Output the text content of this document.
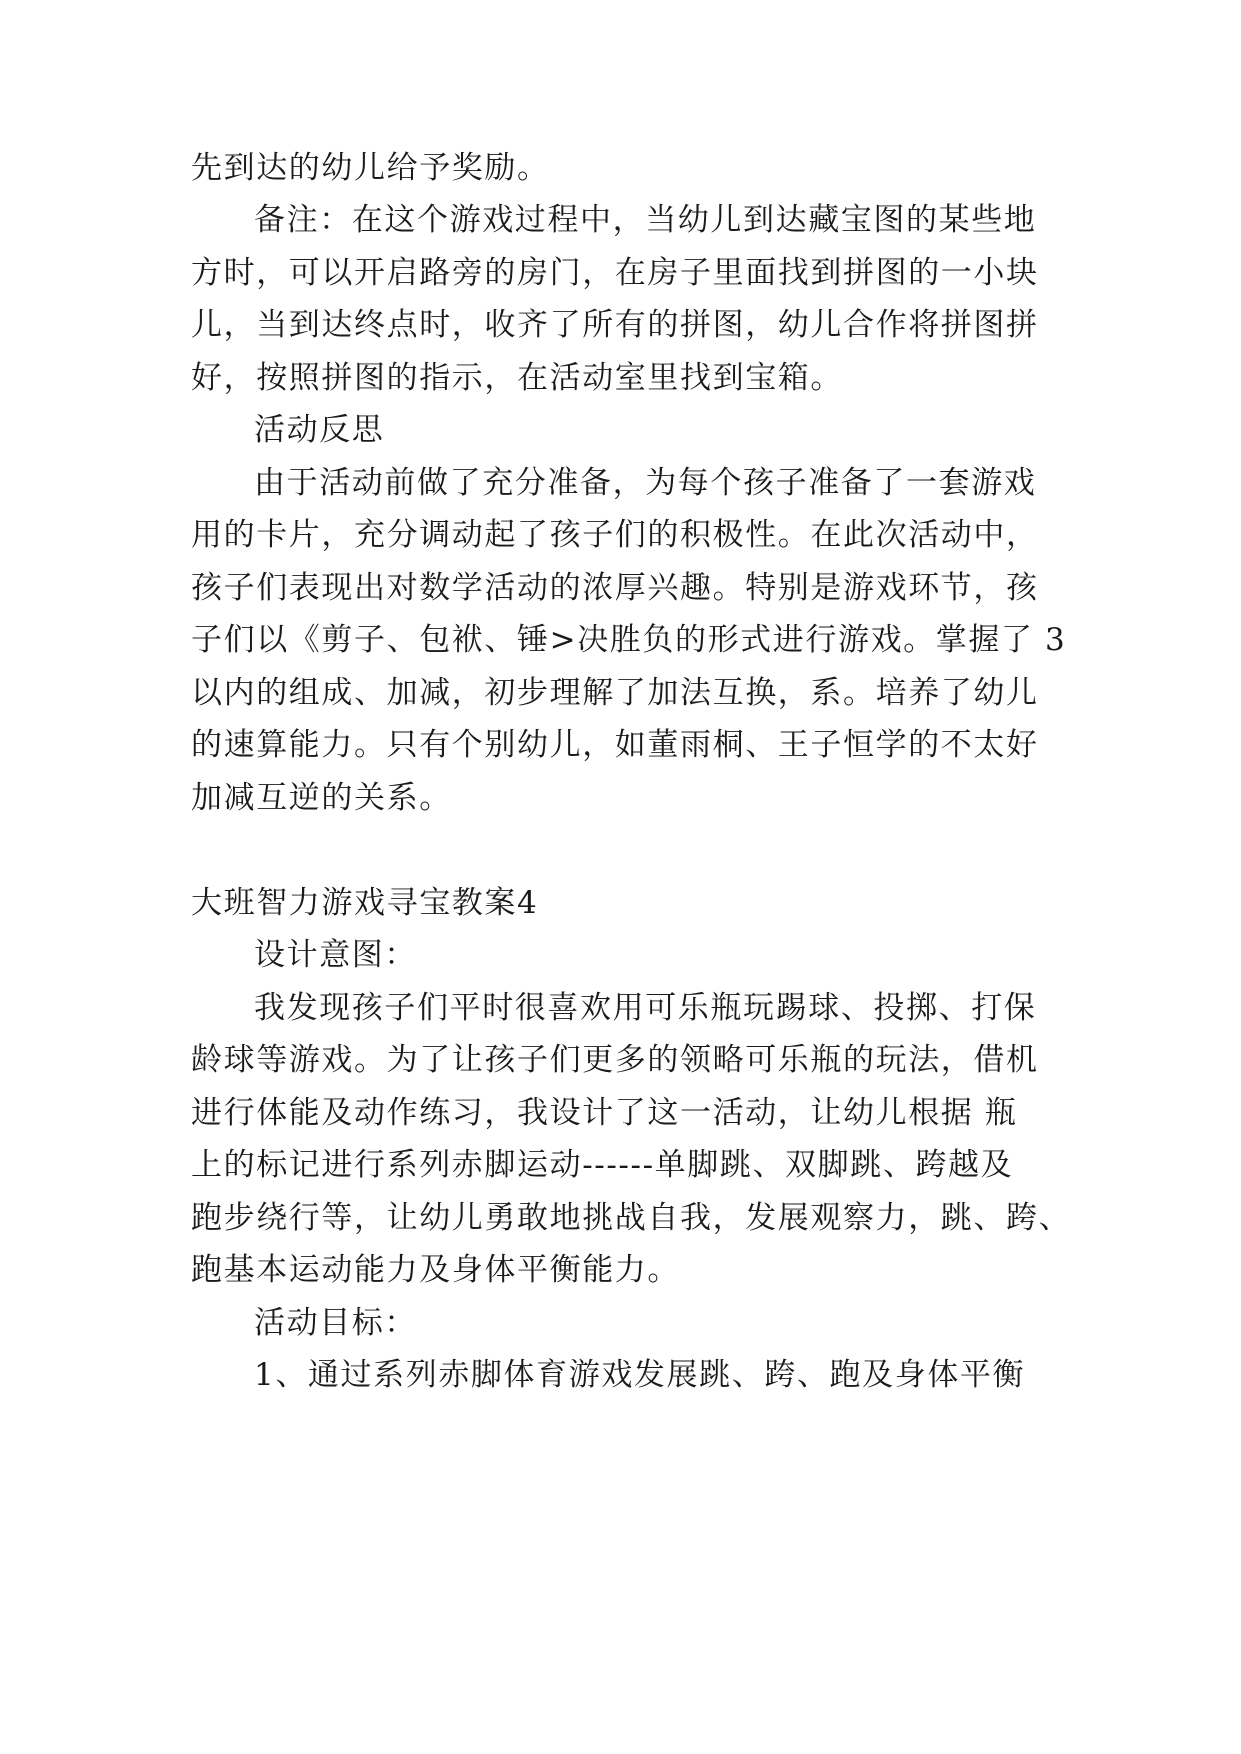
先到达的幼儿给予奖励。
备注：在这个游戏过程中，当幼儿到达藏宝图的某些地
方时，可以开启路旁的房门，在房子里面找到拼图的一小块
儿，当到达终点时，收齐了所有的拼图，幼儿合作将拼图拼
好，按照拼图的指示，在活动室里找到宝箱。
活动反思
由于活动前做了充分准备，为每个孩子准备了一套游戏
用的卡片，充分调动起了孩子们的积极性。在此次活动中，
孩子们表现出对数学活动的浓厚兴趣。特别是游戏环节，孩
子们以《剪子、包袱、锤>决胜负的形式进行游戏。掌握了 3
以内的组成、加减，初步理解了加法互换，系。培养了幼儿
的速算能力。只有个别幼儿，如董雨桐、王子恒学的不太好
加减互逆的关系。
大班智力游戏寻宝教案4
设计意图：
我发现孩子们平时很喜欢用可乐瓶玩踢球、投掷、打保
龄球等游戏。为了让孩子们更多的领略可乐瓶的玩法，借机
进行体能及动作练习，我设计了这一活动，让幼儿根据 瓶
上的标记进行系列赤脚运动------单脚跳、双脚跳、跨越及
跑步绕行等，让幼儿勇敢地挑战自我，发展观察力，跳、跨、
跑基本运动能力及身体平衡能力。
活动目标：
1、通过系列赤脚体育游戏发展跳、跨、跑及身体平衡
